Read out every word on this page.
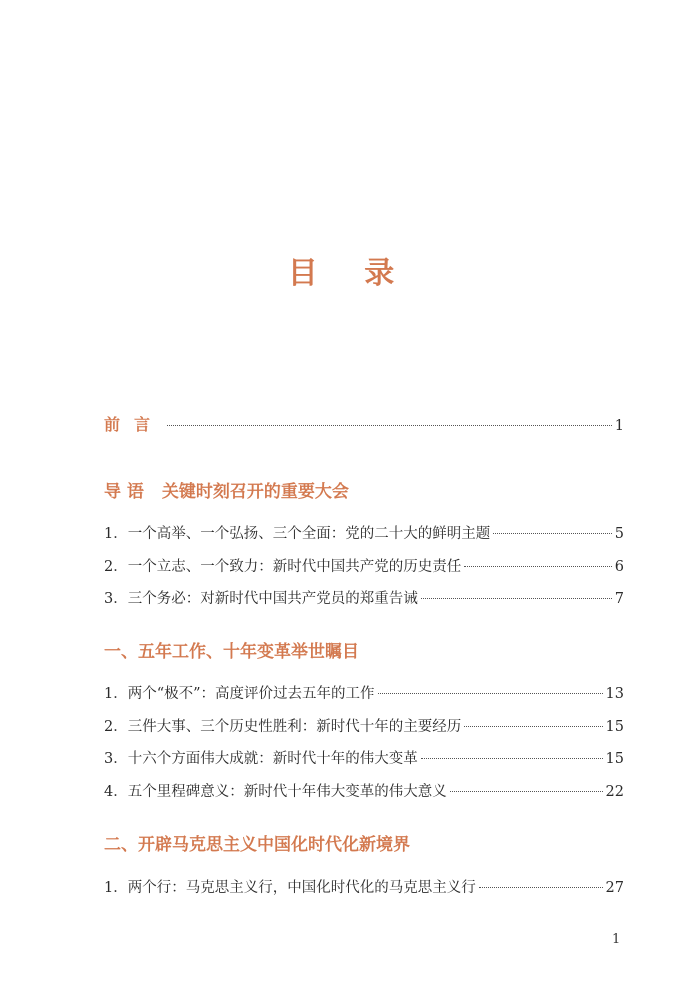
目 录
前言	1
导 语 关键时刻召开的重要大会
1．一个高举、一个弘扬、三个全面：党的二十大的鲜明主题	5
2．一个立志、一个致力：新时代中国共产党的历史责任	6
3．三个务必：对新时代中国共产党员的郑重告诫	7
一、五年工作、十年变革举世瞩目
1．两个“极不”：高度评价过去五年的工作	13
2．三件大事、三个历史性胜利：新时代十年的主要经历	15
3．十六个方面伟大成就：新时代十年的伟大变革	15
4．五个里程碑意义：新时代十年伟大变革的伟大意义	22
二、开辟马克思主义中国化时代化新境界
1．两个行：马克思主义行，中国化时代化的马克思主义行	27
1
